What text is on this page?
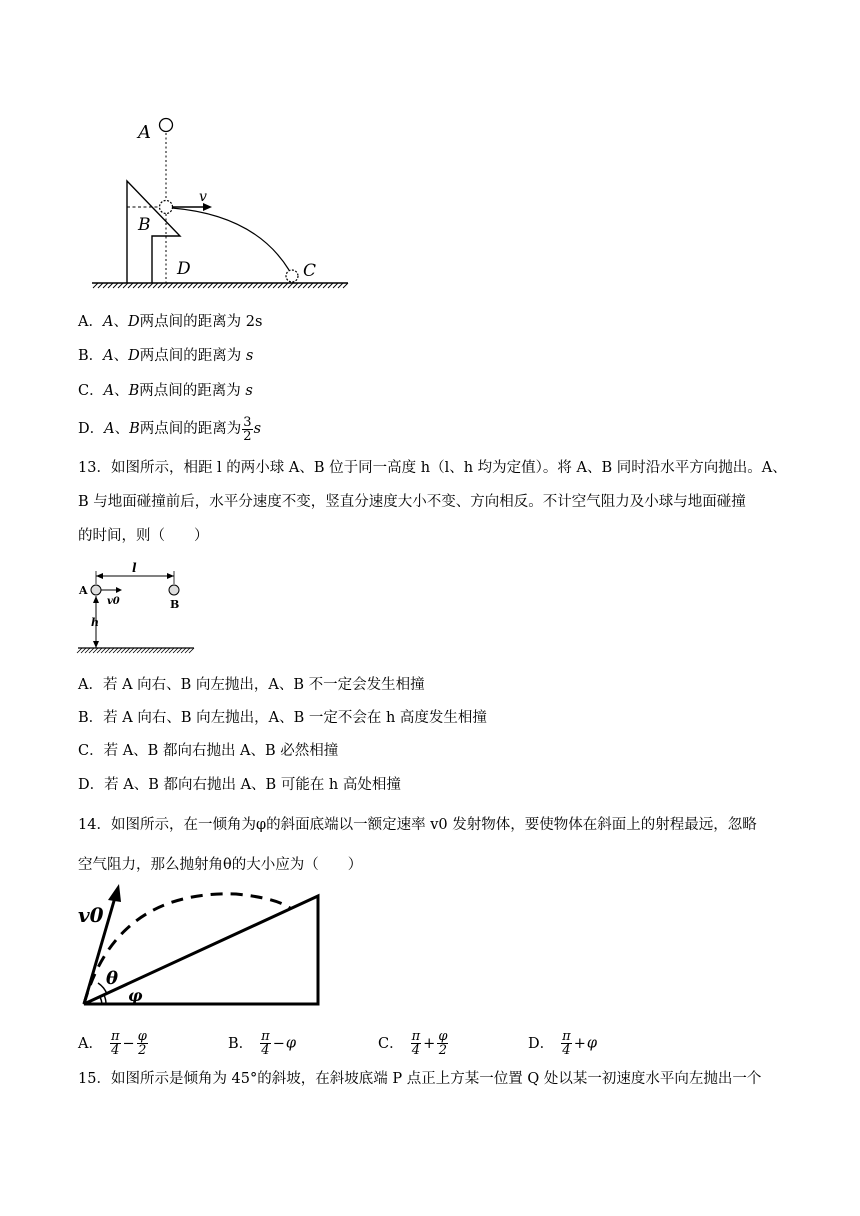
A
v
B
D	C
A．A、D两点间的距离为 2s
B．A、D两点间的距离为 s
C．A、B两点间的距离为 s
D．A、B两点间的距离为 $\frac{3}{2}$ s
13．如图所示，相距 l 的两小球 A、B 位于同一高度 h（l、h 均为定值）。将 A、B 同时沿水平方向抛出。A、
B 与地面碰撞前后，水平分速度不变，竖直分速度大小不变、方向相反。不计空气阻力及小球与地面碰撞
的时间，则（　　）
l
A
v0	B
h
A．若 A 向右、B 向左抛出，A、B 不一定会发生相撞
B．若 A 向右、B 向左抛出，A、B 一定不会在 h 高度发生相撞
C．若 A、B 都向右抛出 A、B 必然相撞
D．若 A、B 都向右抛出 A、B 可能在 h 高处相撞
14．如图所示，在一倾角为φ的斜面底端以一额定速率 v0 发射物体，要使物体在斜面上的射程最远，忽略
空气阻力，那么抛射角θ的大小应为（　　）
v0
θ
φ
A． $\frac{\pi}{4} - \frac{\varphi}{2}$	B． $\frac{\pi}{4} -\varphi$	C． $\frac{\pi}{4} + \frac{\varphi}{2}$	D． $\frac{\pi}{4} +\varphi$
15．如图所示是倾角为 45°的斜坡，在斜坡底端 P 点正上方某一位置 Q 处以某一初速度水平向左抛出一个
